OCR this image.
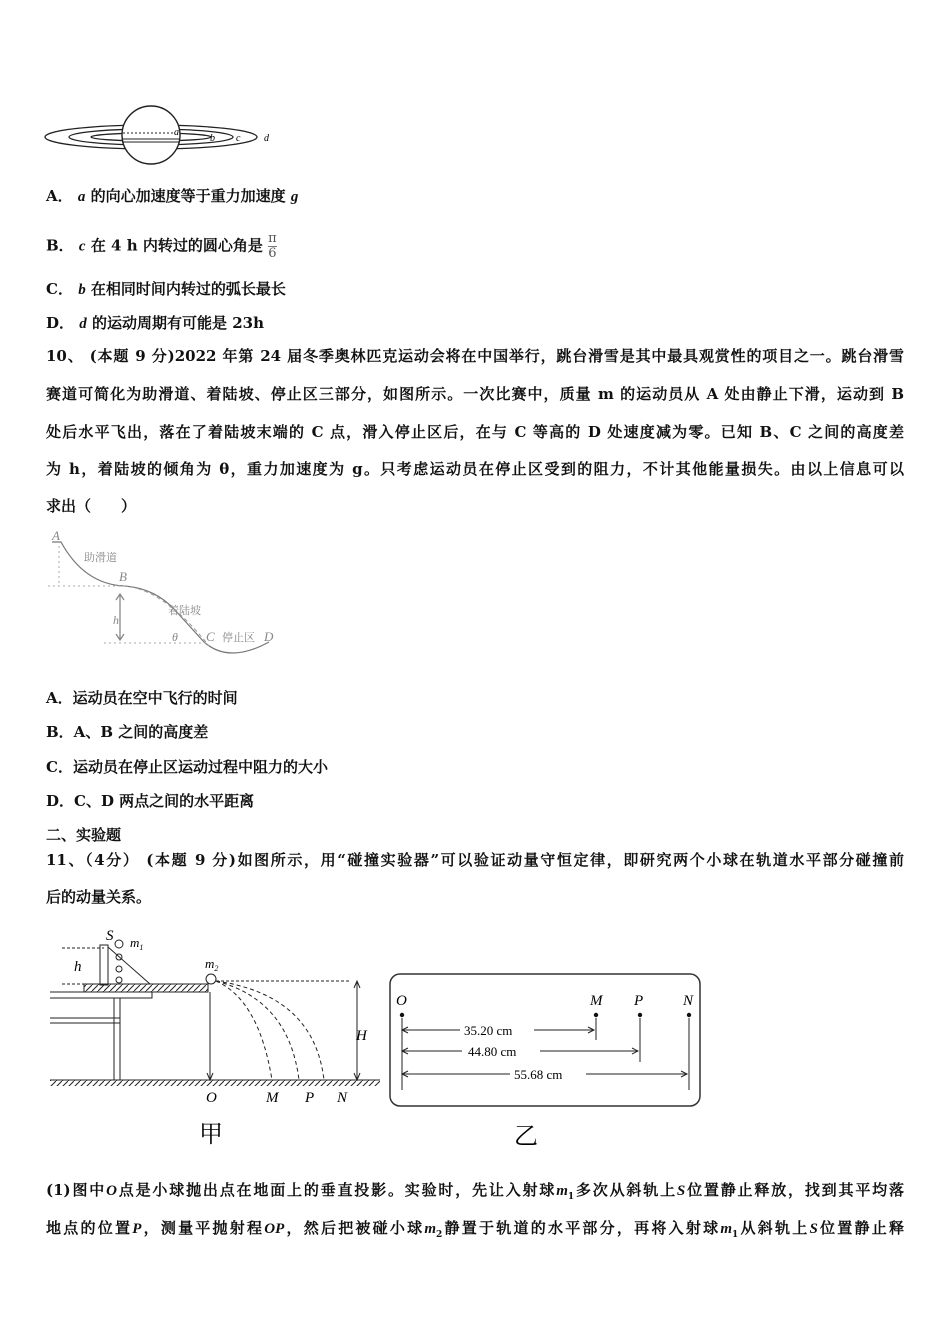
a
b c d
A． a 的向心加速度等于重力加速度 g
B． c 在 4 h 内转过的圆心角是 $\frac{\pi}{6}$
C． b 在相同时间内转过的弧长最长
D． d 的运动周期有可能是 23h
10、 (本题 9 分)2022 年第 24 届冬季奥林匹克运动会将在中国举行，跳台滑雪是其中最具观赏性的项目之一。跳台滑雪
赛道可简化为助滑道、着陆坡、停止区三部分，如图所示。一次比赛中，质量 m 的运动员从 A 处由静止下滑，运动到 B
处后水平飞出，落在了着陆坡末端的 C 点，滑入停止区后，在与 C 等高的 D 处速度减为零。已知 B、C 之间的高度差
为 h，着陆坡的倾角为 θ，重力加速度为 g。只考虑运动员在停止区受到的阻力，不计其他能量损失。由以上信息可以
求出（　　）
A
助滑道
B
着陆坡
h
θ C 停止区 D
A．运动员在空中飞行的时间
B．A、B 之间的高度差
C．运动员在停止区运动过程中阻力的大小
D．C、D 两点之间的水平距离
二、实验题
11、（4分） (本题 9 分)如图所示，用“碰撞实验器”可以验证动量守恒定律，即研究两个小球在轨道水平部分碰撞前
后的动量关系。
S $m_1$
$m_2$
h
H
O	M P N
甲
O	M P	N
35.20 cm
44.80 cm
55.68 cm
乙
(1)图中O点是小球抛出点在地面上的垂直投影。实验时，先让入射球$m_1$多次从斜轨上S位置静止释放，找到其平均落
地点的位置P，测量平抛射程OP，然后把被碰小球$m_2$静置于轨道的水平部分，再将入射球$m_1$从斜轨上S位置静止释
